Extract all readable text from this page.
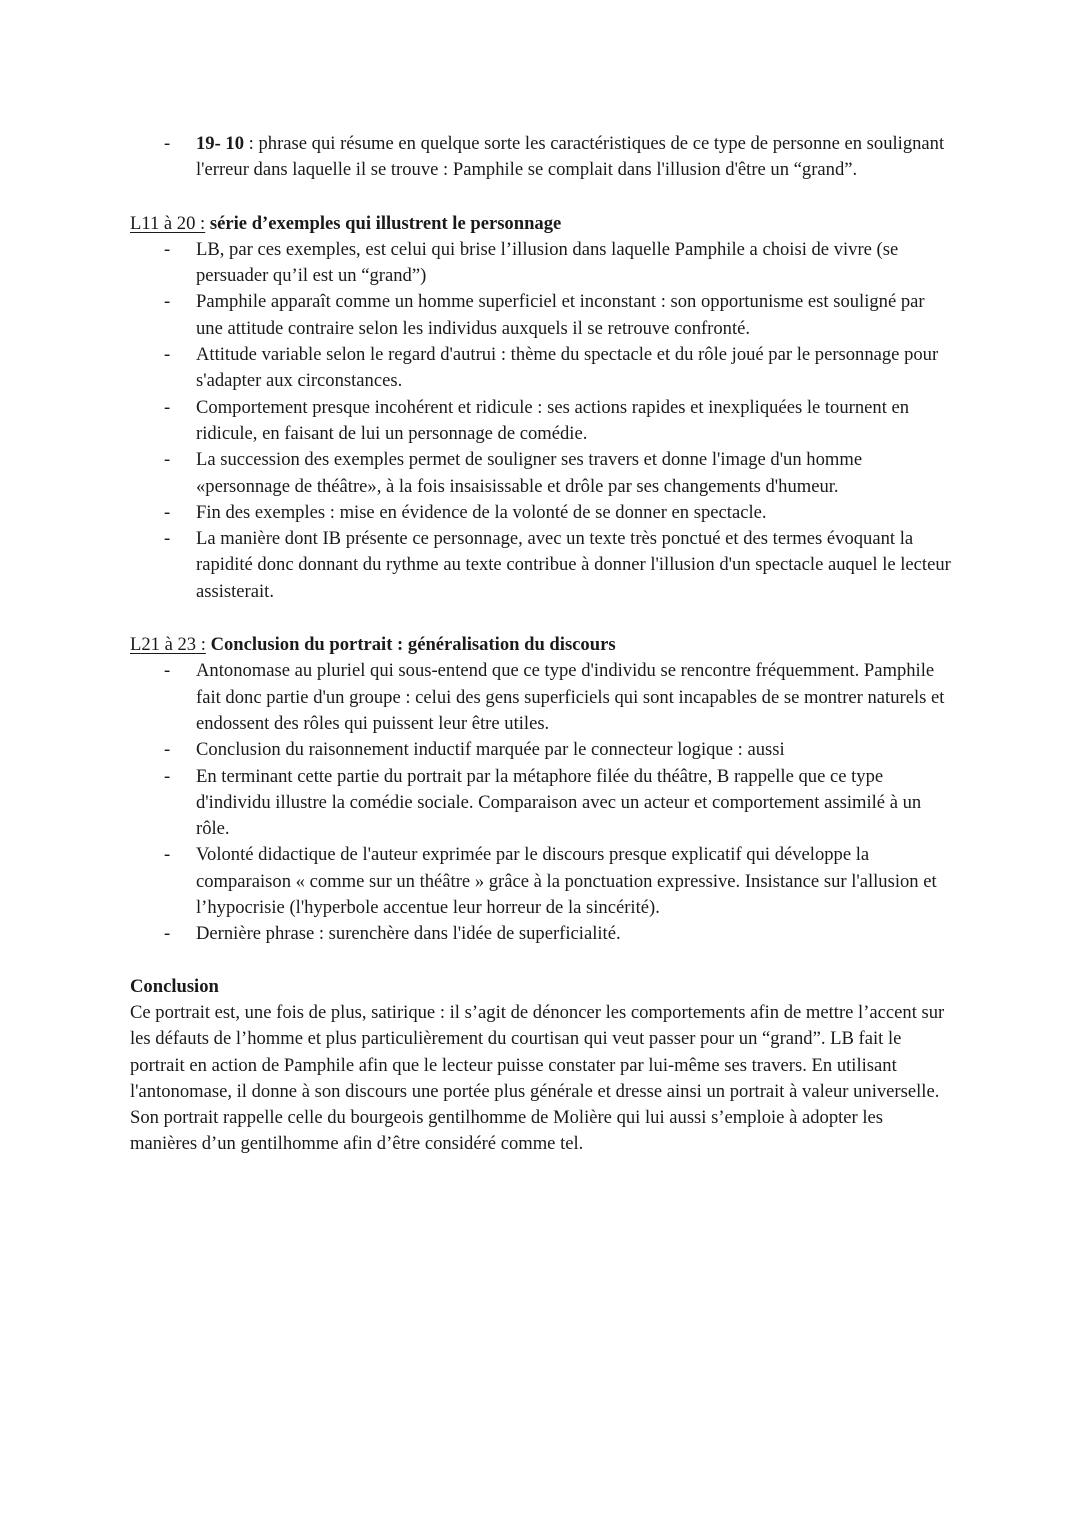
- 19- 10 : phrase qui résume en quelque sorte les caractéristiques de ce type de personne en soulignant l'erreur dans laquelle il se trouve : Pamphile se complait dans l'illusion d'être un “grand”.

L11 à 20 : série d’exemples qui illustrent le personnage

- LB, par ces exemples, est celui qui brise l’illusion dans laquelle Pamphile a choisi de vivre (se persuader qu’il est un “grand”)
- Pamphile apparaît comme un homme superficiel et inconstant : son opportunisme est souligné par une attitude contraire selon les individus auxquels il se retrouve confronté.
- Attitude variable selon le regard d'autrui : thème du spectacle et du rôle joué par le personnage pour s'adapter aux circonstances.
- Comportement presque incohérent et ridicule : ses actions rapides et inexpliquées le tournent en ridicule, en faisant de lui un personnage de comédie.
- La succession des exemples permet de souligner ses travers et donne l'image d'un homme «personnage de théâtre», à la fois insaisissable et drôle par ses changements d'humeur.
- Fin des exemples : mise en évidence de la volonté de se donner en spectacle.
- La manière dont IB présente ce personnage, avec un texte très ponctué et des termes évoquant la rapidité donc donnant du rythme au texte contribue à donner l'illusion d'un spectacle auquel le lecteur assisterait.

L21 à 23 : Conclusion du portrait : généralisation du discours

- Antonomase au pluriel qui sous-entend que ce type d'individu se rencontre fréquemment. Pamphile fait donc partie d'un groupe : celui des gens superficiels qui sont incapables de se montrer naturels et endossent des rôles qui puissent leur être utiles.
- Conclusion du raisonnement inductif marquée par le connecteur logique : aussi
- En terminant cette partie du portrait par la métaphore filée du théâtre, B rappelle que ce type d'individu illustre la comédie sociale. Comparaison avec un acteur et comportement assimilé à un rôle.
- Volonté didactique de l'auteur exprimée par le discours presque explicatif qui développe la comparaison « comme sur un théâtre » grâce à la ponctuation expressive. Insistance sur l'allusion et l’hypocrisie (l'hyperbole accentue leur horreur de la sincérité).
- Dernière phrase : surenchère dans l'idée de superficialité.

Conclusion

Ce portrait est, une fois de plus, satirique : il s’agit de dénoncer les comportements afin de mettre l’accent sur les défauts de l’homme et plus particulièrement du courtisan qui veut passer pour un “grand”. LB fait le portrait en action de Pamphile afin que le lecteur puisse constater par lui-même ses travers. En utilisant l'antonomase, il donne à son discours une portée plus générale et dresse ainsi un portrait à valeur universelle. Son portrait rappelle celle du bourgeois gentilhomme de Molière qui lui aussi s’emploie à adopter les manières d’un gentilhomme afin d’être considéré comme tel.
